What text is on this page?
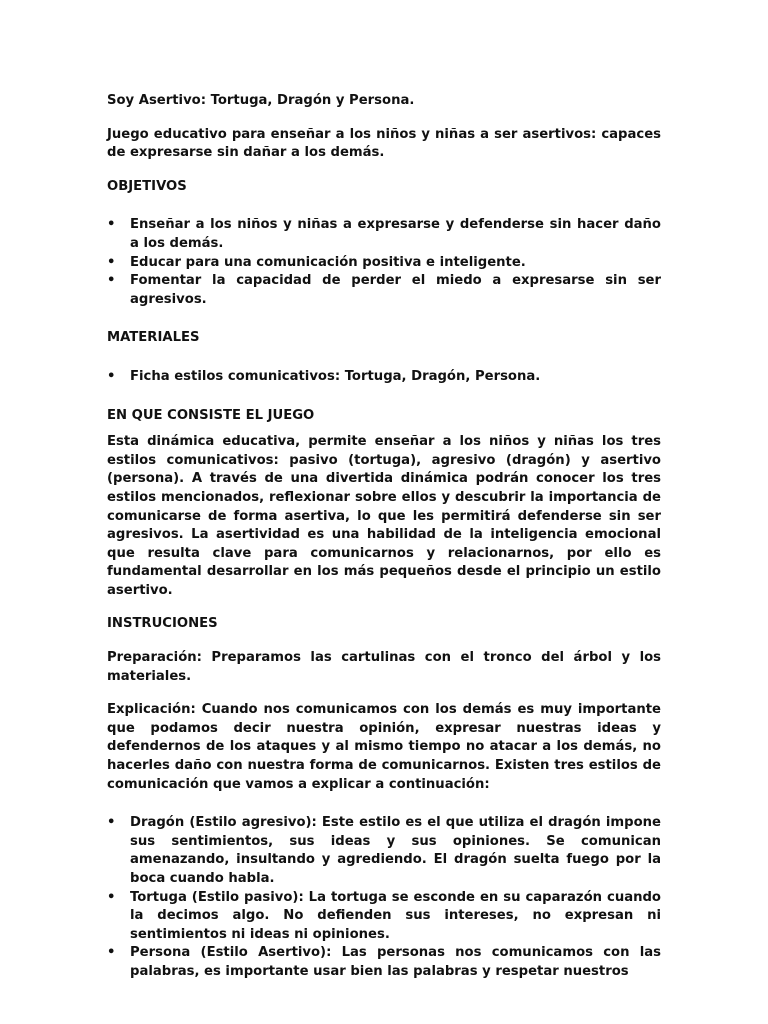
Soy Asertivo: Tortuga, Dragón y Persona.

Juego educativo para enseñar a los niños y niñas a ser asertivos: capaces de expresarse sin dañar a los demás.

OBJETIVOS

• Enseñar a los niños y niñas a expresarse y defenderse sin hacer daño a los demás.
• Educar para una comunicación positiva e inteligente.
• Fomentar la capacidad de perder el miedo a expresarse sin ser agresivos.

MATERIALES

• Ficha estilos comunicativos: Tortuga, Dragón, Persona.

EN QUE CONSISTE EL JUEGO

Esta dinámica educativa, permite enseñar a los niños y niñas los tres estilos comunicativos: pasivo (tortuga), agresivo (dragón) y asertivo (persona). A través de una divertida dinámica podrán conocer los tres estilos mencionados, reflexionar sobre ellos y descubrir la importancia de comunicarse de forma asertiva, lo que les permitirá defenderse sin ser agresivos. La asertividad es una habilidad de la inteligencia emocional que resulta clave para comunicarnos y relacionarnos, por ello es fundamental desarrollar en los más pequeños desde el principio un estilo asertivo.

INSTRUCIONES

Preparación: Preparamos las cartulinas con el tronco del árbol y los materiales.

Explicación: Cuando nos comunicamos con los demás es muy importante que podamos decir nuestra opinión, expresar nuestras ideas y defendernos de los ataques y al mismo tiempo no atacar a los demás, no hacerles daño con nuestra forma de comunicarnos. Existen tres estilos de comunicación que vamos a explicar a continuación:

• Dragón (Estilo agresivo): Este estilo es el que utiliza el dragón impone sus sentimientos, sus ideas y sus opiniones. Se comunican amenazando, insultando y agrediendo. El dragón suelta fuego por la boca cuando habla.
• Tortuga (Estilo pasivo): La tortuga se esconde en su caparazón cuando la decimos algo. No defienden sus intereses, no expresan ni sentimientos ni ideas ni opiniones.
• Persona (Estilo Asertivo): Las personas nos comunicamos con las palabras, es importante usar bien las palabras y respetar nuestros
